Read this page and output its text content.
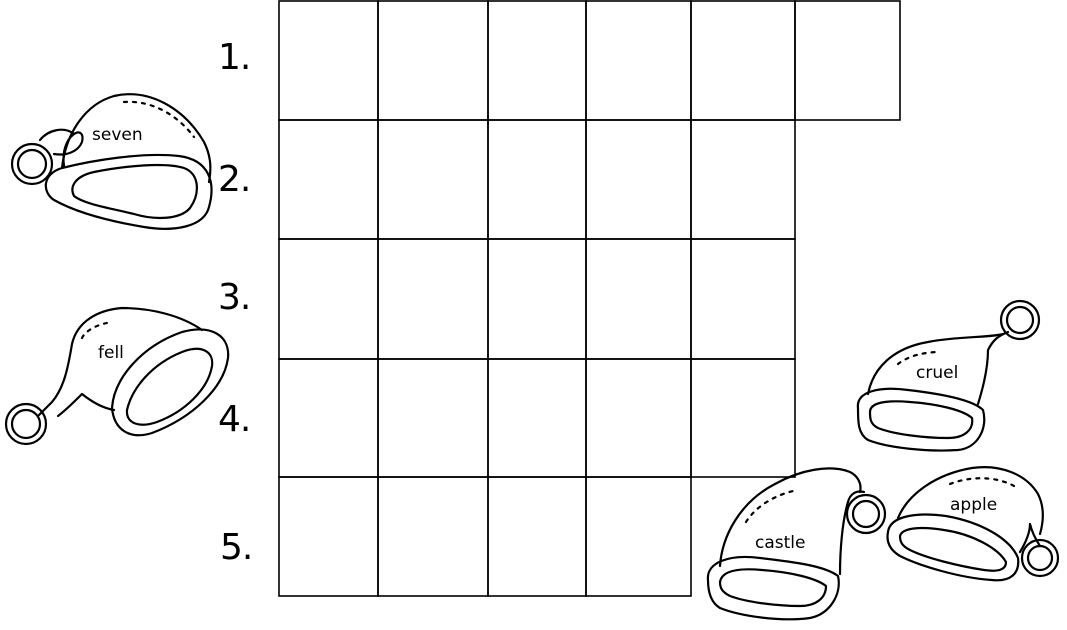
1.
2.
3.
4.
5.
seven
fell
cruel
castle
apple
